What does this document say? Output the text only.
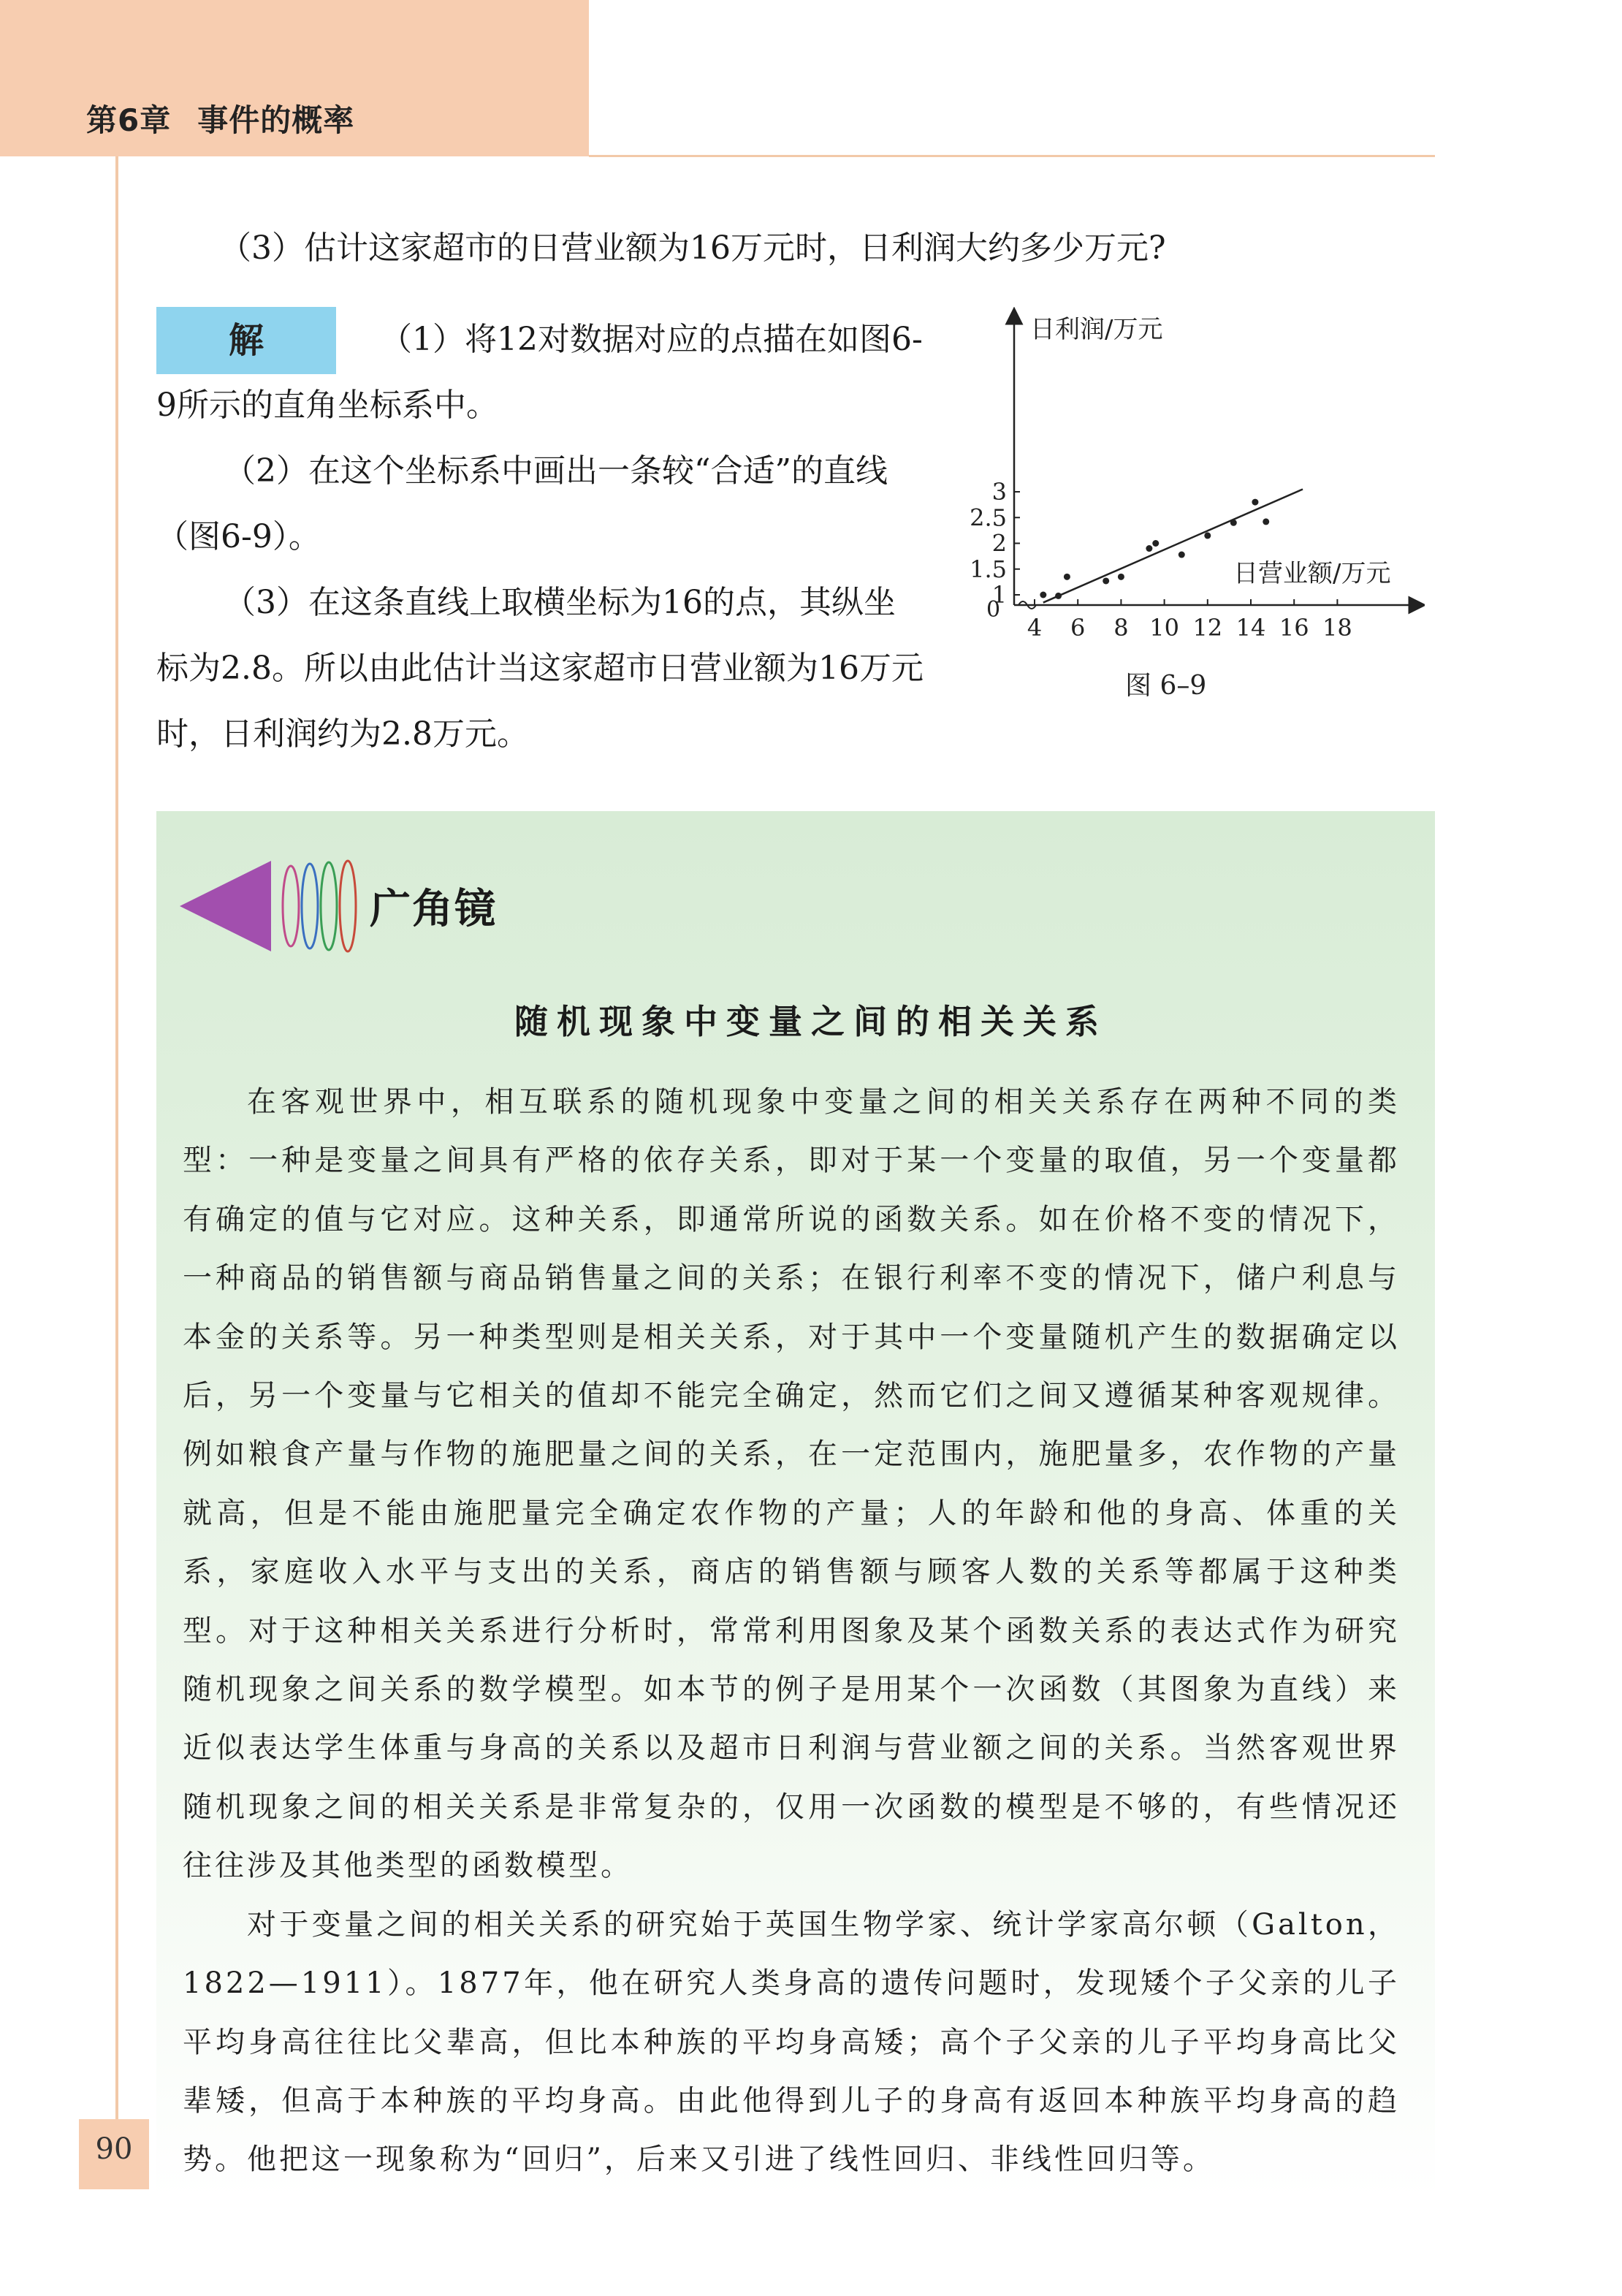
第6章 事件的概率
（3）估计这家超市的日营业额为16万元时，日利润大约多少万元?
解	（1）将12对数据对应的点描在如图6-9所示的直角坐标系中。

（2）在这个坐标系中画出一条较“合适”的直线（图6-9）。

（3）在这条直线上取横坐标为16的点，其纵坐标为2.8。所以由此估计当这家超市日营业额为16万元时，日利润约为2.8万元。

4 6 8 10 12 14 16 18
1
1.5
2
2.5
3
日利润/万元
日营业额/万元
0
图 6–9
广角镜
随机现象中变量之间的相关关系

在客观世界中，相互联系的随机现象中变量之间的相关关系存在两种不同的类型：一种是变量之间具有严格的依存关系，即对于某一个变量的取值，另一个变量都有确定的值与它对应。这种关系，即通常所说的函数关系。如在价格不变的情况下，一种商品的销售额与商品销售量之间的关系；在银行利率不变的情况下，储户利息与本金的关系等。另一种类型则是相关关系，对于其中一个变量随机产生的数据确定以后，另一个变量与它相关的值却不能完全确定，然而它们之间又遵循某种客观规律。例如粮食产量与作物的施肥量之间的关系，在一定范围内，施肥量多，农作物的产量就高，但是不能由施肥量完全确定农作物的产量；人的年龄和他的身高、体重的关系，家庭收入水平与支出的关系，商店的销售额与顾客人数的关系等都属于这种类型。对于这种相关关系进行分析时，常常利用图象及某个函数关系的表达式作为研究随机现象之间关系的数学模型。如本节的例子是用某个一次函数（其图象为直线）来近似表达学生体重与身高的关系以及超市日利润与营业额之间的关系。当然客观世界随机现象之间的相关关系是非常复杂的，仅用一次函数的模型是不够的，有些情况还往往涉及其他类型的函数模型。

对于变量之间的相关关系的研究始于英国生物学家、统计学家高尔顿（Galton，1822—1911）。1877年，他在研究人类身高的遗传问题时，发现矮个子父亲的儿子平均身高往往比父辈高，但比本种族的平均身高矮；高个子父亲的儿子平均身高比父辈矮，但高于本种族的平均身高。由此他得到儿子的身高有返回本种族平均身高的趋势。他把这一现象称为“回归”，后来又引进了线性回归、非线性回归等。

90
